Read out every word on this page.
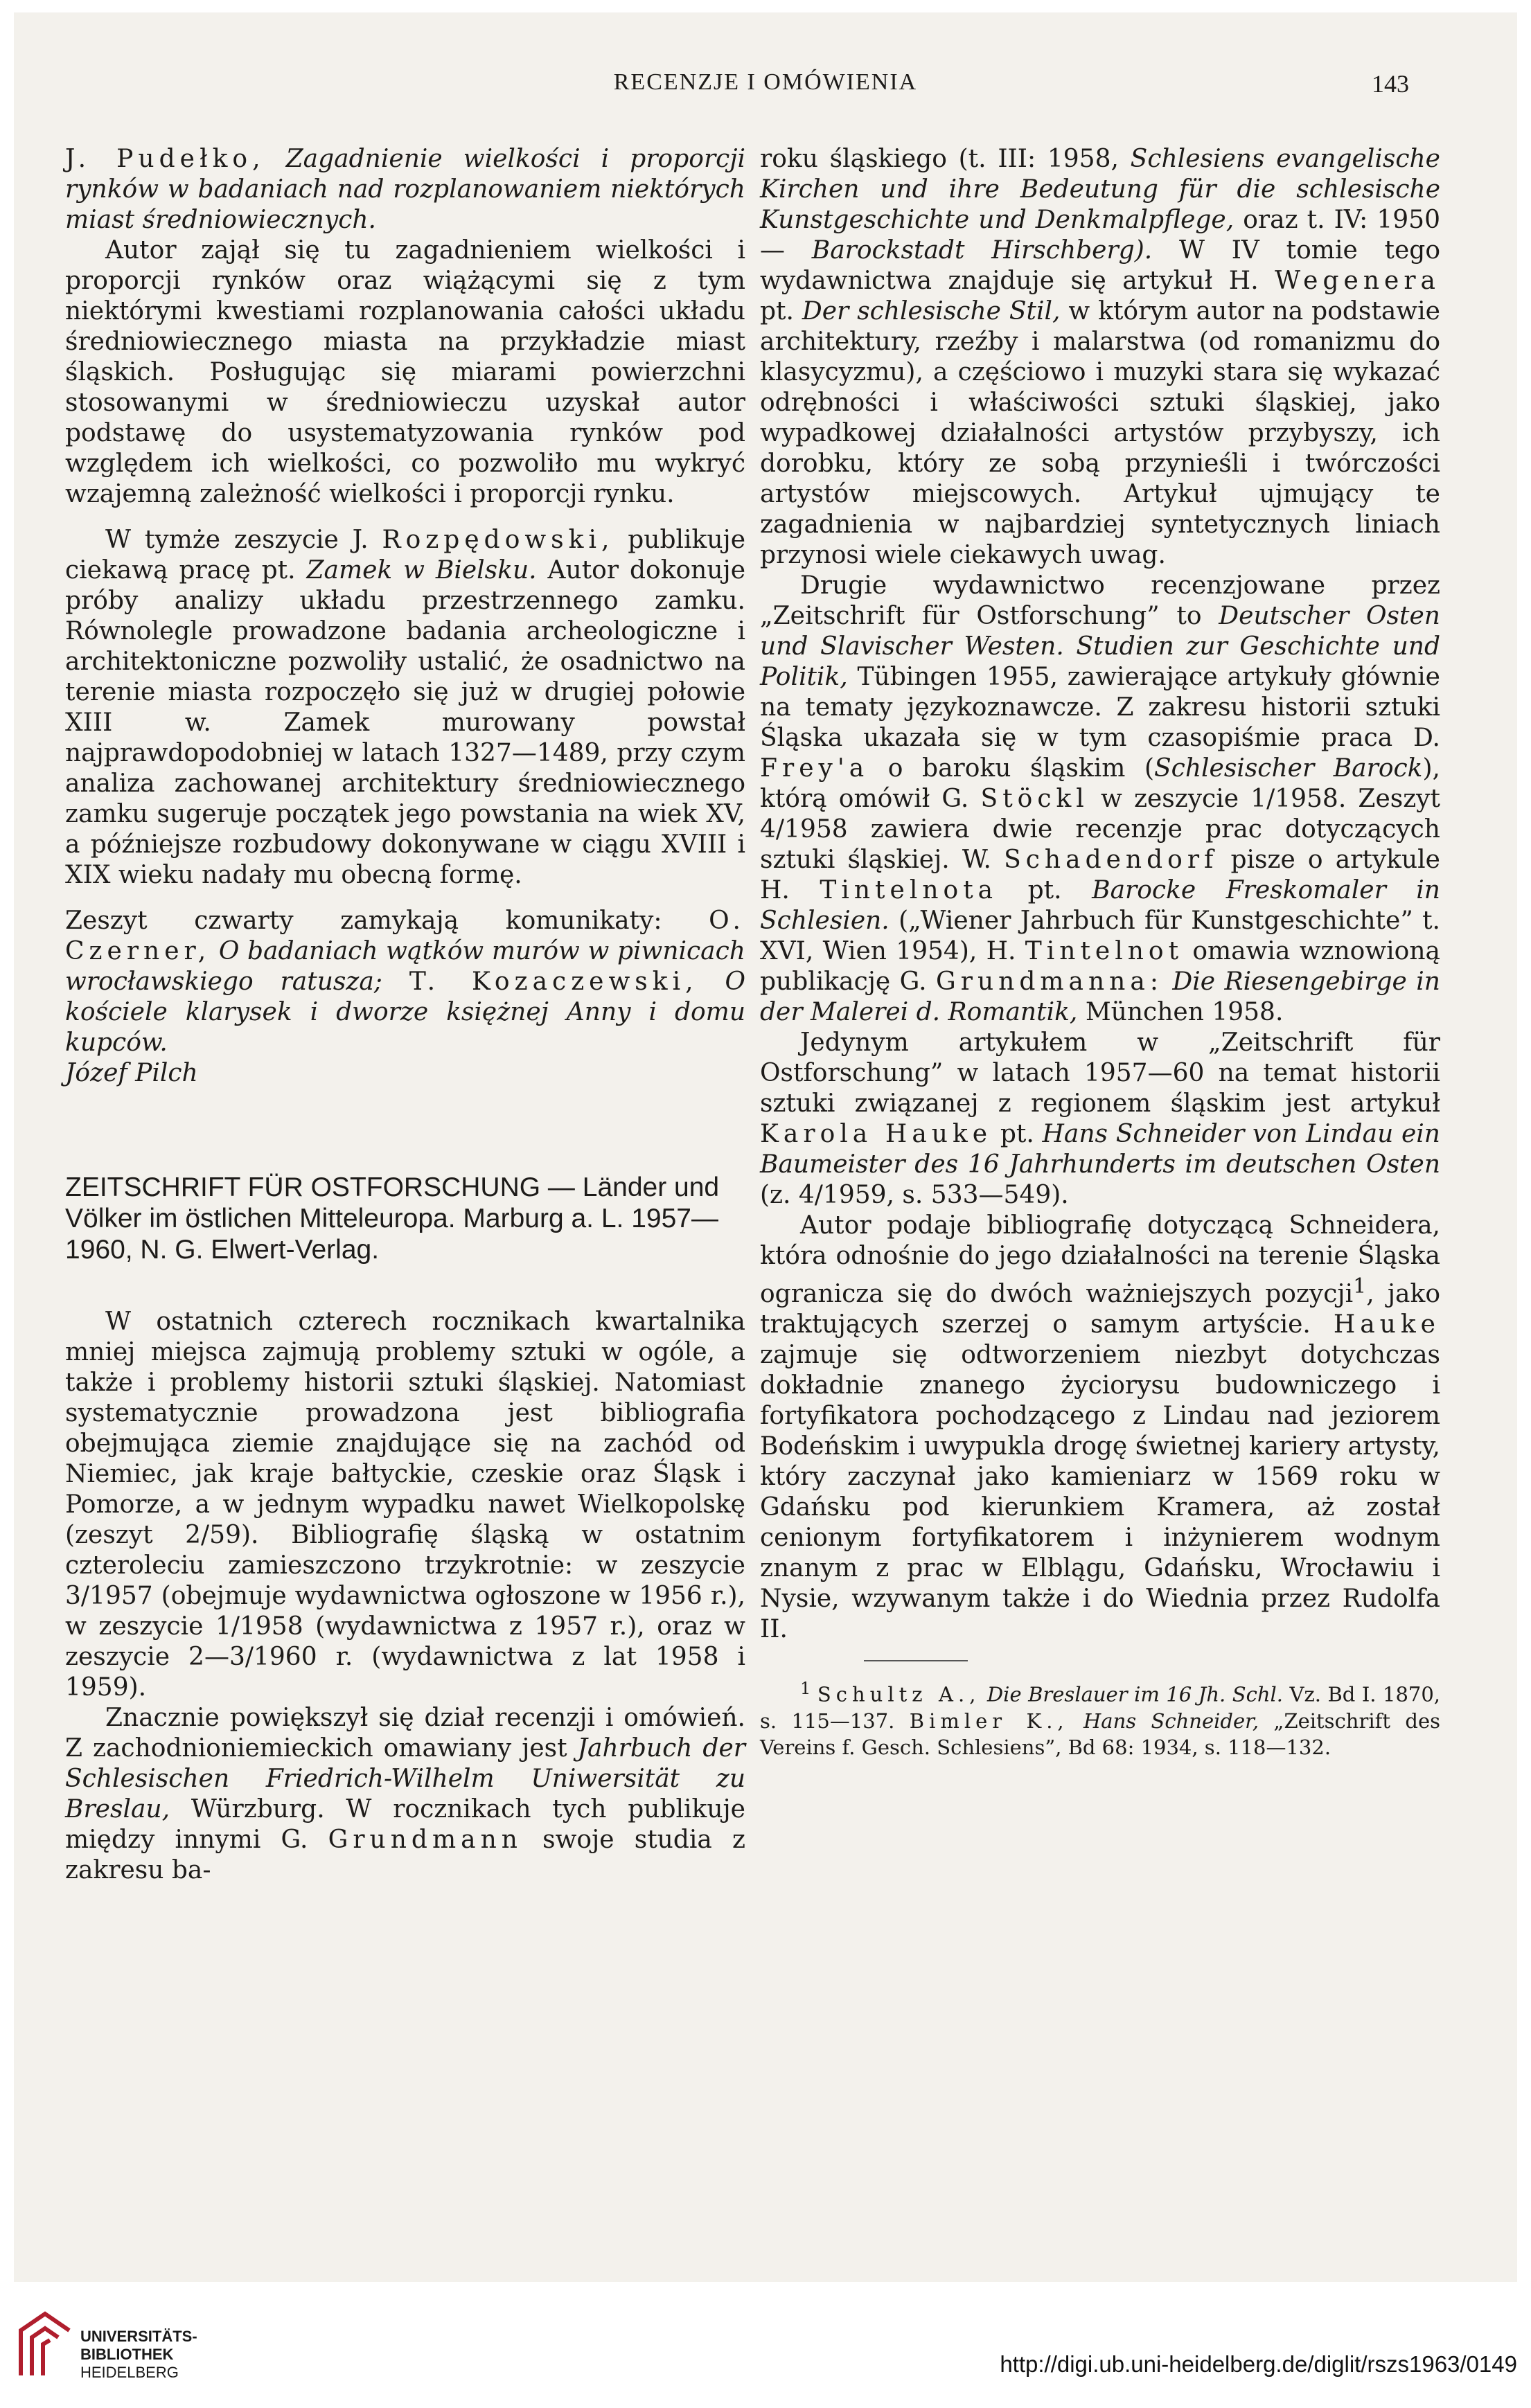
RECENZJE I OMÓWIENIA	143

J. Pudełko, Zagadnienie wielkości i proporcji rynków w badaniach nad rozplanowaniem niektórych miast średniowiecznych.

Autor zajął się tu zagadnieniem wielkości i proporcji rynków oraz wiążącymi się z tym niektórymi kwestiami rozplanowania całości układu średniowiecznego miasta na przykładzie miast śląskich. Posługując się miarami powierzchni stosowanymi w średniowieczu uzyskał autor podstawę do usystematyzowania rynków pod względem ich wielkości, co pozwoliło mu wykryć wzajemną zależność wielkości i proporcji rynku.

W tymże zeszycie J. Rozpędowski, publikuje ciekawą pracę pt. Zamek w Bielsku. Autor dokonuje próby analizy układu przestrzennego zamku. Równolegle prowadzone badania archeologiczne i architektoniczne pozwoliły ustalić, że osadnictwo na terenie miasta rozpoczęło się już w drugiej połowie XIII w. Zamek murowany powstał najprawdopodobniej w latach 1327—1489, przy czym analiza zachowanej architektury średniowiecznego zamku sugeruje początek jego powstania na wiek XV, a późniejsze rozbudowy dokonywane w ciągu XVIII i XIX wieku nadały mu obecną formę.

Zeszyt czwarty zamykają komunikaty: O. Czerner, O badaniach wątków murów w piwnicach wrocławskiego ratusza; T. Kozaczewski, O kościele klarysek i dworze księżnej Anny i domu kupców.

Józef Pilch

ZEITSCHRIFT FÜR OSTFORSCHUNG — Länder und Völker im östlichen Mitteleuropa. Marburg a. L. 1957—1960, N. G. Elwert-Verlag.

W ostatnich czterech rocznikach kwartalnika mniej miejsca zajmują problemy sztuki w ogóle, a także i problemy historii sztuki śląskiej. Natomiast systematycznie prowadzona jest bibliografia obejmująca ziemie znajdujące się na zachód od Niemiec, jak kraje bałtyckie, czeskie oraz Śląsk i Pomorze, a w jednym wypadku nawet Wielkopolskę (zeszyt 2/59). Bibliografię śląską w ostatnim czteroleciu zamieszczono trzykrotnie: w zeszycie 3/1957 (obejmuje wydawnictwa ogłoszone w 1956 r.), w zeszycie 1/1958 (wydawnictwa z 1957 r.), oraz w zeszycie 2—3/1960 r. (wydawnictwa z lat 1958 i 1959).

Znacznie powiększył się dział recenzji i omówień. Z zachodnioniemieckich omawiany jest Jahrbuch der Schlesischen Friedrich-Wilhelm Uniwersität zu Breslau, Würzburg. W rocznikach tych publikuje między innymi G. Grundmann swoje studia z zakresu ba-

roku śląskiego (t. III: 1958, Schlesiens evangelische Kirchen und ihre Bedeutung für die schlesische Kunstgeschichte und Denkmalpflege, oraz t. IV: 1950 — Barockstadt Hirschberg). W IV tomie tego wydawnictwa znajduje się artykuł H. Wegenera pt. Der schlesische Stil, w którym autor na podstawie architektury, rzeźby i malarstwa (od romanizmu do klasycyzmu), a częściowo i muzyki stara się wykazać odrębności i właściwości sztuki śląskiej, jako wypadkowej działalności artystów przybyszy, ich dorobku, który ze sobą przynieśli i twórczości artystów miejscowych. Artykuł ujmujący te zagadnienia w najbardziej syntetycznych liniach przynosi wiele ciekawych uwag.

Drugie wydawnictwo recenzjowane przez „Zeitschrift für Ostforschung” to Deutscher Osten und Slavischer Westen. Studien zur Geschichte und Politik, Tübingen 1955, zawierające artykuły głównie na tematy językoznawcze. Z zakresu historii sztuki Śląska ukazała się w tym czasopiśmie praca D. Frey'a o baroku śląskim (Schlesischer Barock), którą omówił G. Stöckl w zeszycie 1/1958. Zeszyt 4/1958 zawiera dwie recenzje prac dotyczących sztuki śląskiej. W. Schadendorf pisze o artykule H. Tintelnota pt. Barocke Freskomaler in Schlesien. („Wiener Jahrbuch für Kunstgeschichte” t. XVI, Wien 1954), H. Tintelnot omawia wznowioną publikację G. Grundmanna: Die Riesengebirge in der Malerei d. Romantik, München 1958.

Jedynym artykułem w „Zeitschrift für Ostforschung” w latach 1957—60 na temat historii sztuki związanej z regionem śląskim jest artykuł Karola Hauke pt. Hans Schneider von Lindau ein Baumeister des 16 Jahrhunderts im deutschen Osten (z. 4/1959, s. 533—549).

Autor podaje bibliografię dotyczącą Schneidera, która odnośnie do jego działalności na terenie Śląska ogranicza się do dwóch ważniejszych pozycji$^1$, jako traktujących szerzej o samym artyście. Hauke zajmuje się odtworzeniem niezbyt dotychczas dokładnie znanego życiorysu budowniczego i fortyfikatora pochodzącego z Lindau nad jeziorem Bodeńskim i uwypukla drogę świetnej kariery artysty, który zaczynał jako kamieniarz w 1569 roku w Gdańsku pod kierunkiem Kramera, aż został cenionym fortyfikatorem i inżynierem wodnym znanym z prac w Elblągu, Gdańsku, Wrocławiu i Nysie, wzywanym także i do Wiednia przez Rudolfa II.

$^1$ Schultz A., Die Breslauer im 16 Jh. Schl. Vz. Bd I. 1870, s. 115—137. Bimler K., Hans Schneider, „Zeitschrift des Vereins f. Gesch. Schlesiens”, Bd 68: 1934, s. 118—132.

UNIVERSITÄTS-
BIBLIOTHEK
HEIDELBERG	http://digi.ub.uni-heidelberg.de/diglit/rszs1963/0149
